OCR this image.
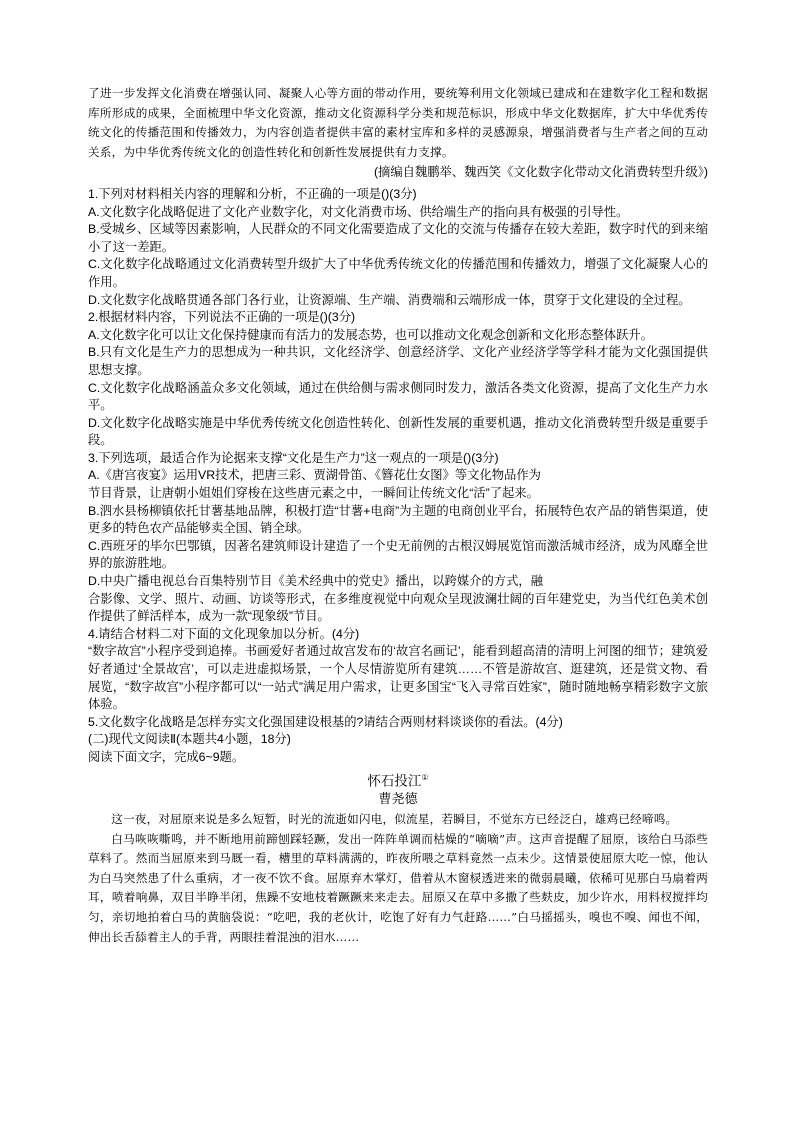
了进一步发挥文化消费在增强认同、凝聚人心等方面的带动作用，要统筹利用文化领域已建成和在建数字化工程和数据库所形成的成果，全面梳理中华文化资源，推动文化资源科学分类和规范标识，形成中华文化数据库，扩大中华优秀传统文化的传播范围和传播效力，为内容创造者提供丰富的素材宝库和多样的灵感源泉，增强消费者与生产者之间的互动关系，为中华优秀传统文化的创造性转化和创新性发展提供有力支撑。

(摘编自魏鹏举、魏西笑《文化数字化带动文化消费转型升级》)

1.下列对材料相关内容的理解和分析，不正确的一项是()(3分)

A.文化数字化战略促进了文化产业数字化，对文化消费市场、供给端生产的指向具有极强的引导性。

B.受城乡、区域等因素影响，人民群众的不同文化需要造成了文化的交流与传播存在较大差距，数字时代的到来缩小了这一差距。

C.文化数字化战略通过文化消费转型升级扩大了中华优秀传统文化的传播范围和传播效力，增强了文化凝聚人心的作用。

D.文化数字化战略贯通各部门各行业，让资源端、生产端、消费端和云端形成一体，贯穿于文化建设的全过程。

2.根据材料内容，下列说法不正确的一项是()(3分)

A.文化数字化可以让文化保持健康而有活力的发展态势，也可以推动文化观念创新和文化形态整体跃升。

B.只有文化是生产力的思想成为一种共识，文化经济学、创意经济学、文化产业经济学等学科才能为文化强国提供思想支撑。

C.文化数字化战略涵盖众多文化领域，通过在供给侧与需求侧同时发力，激活各类文化资源，提高了文化生产力水平。

D.文化数字化战略实施是中华优秀传统文化创造性转化、创新性发展的重要机遇，推动文化消费转型升级是重要手段。

3.下列选项，最适合作为论据来支撑“文化是生产力”这一观点的一项是()(3分)

A.《唐宫夜宴》运用VR技术，把唐三彩、贾湖骨笛、《簪花仕女图》等文化物品作为

节目背景，让唐朝小姐姐们穿梭在这些唐元素之中，一瞬间让传统文化“活”了起来。

B.泗水县杨柳镇依托甘薯基地品牌，积极打造“甘薯+电商”为主题的电商创业平台，拓展特色农产品的销售渠道，使更多的特色农产品能够卖全国、销全球。

C.西班牙的毕尔巴鄂镇，因著名建筑师设计建造了一个史无前例的古根汉姆展览馆而激活城市经济，成为风靡全世界的旅游胜地。

D.中央广播电视总台百集特别节目《美术经典中的党史》播出，以跨媒介的方式，融

合影像、文学、照片、动画、访谈等形式，在多维度视觉中向观众呈现波澜壮阔的百年建党史，为当代红色美术创作提供了鲜活样本，成为一款“现象级”节目。

4.请结合材料二对下面的文化现象加以分析。(4分)

“数字故宫”小程序受到追捧。书画爱好者通过故宫发布的‘故宫名画记’，能看到超高清的清明上河图的细节；建筑爱好者通过‘全景故宫’，可以走进虚拟场景，一个人尽情游览所有建筑……不管是游故宫、逛建筑，还是赏文物、看展览，“数字故宫”小程序都可以“一站式”满足用户需求，让更多国宝“飞入寻常百姓家”，随时随地畅享精彩数字文旅体验。

5.文化数字化战略是怎样夯实文化强国建设根基的?请结合两则材料谈谈你的看法。(4分)

(二)现代文阅读Ⅱ(本题共4小题，18分)

阅读下面文字，完成6~9题。

怀石投江①
曹尧德

这一夜，对屈原来说是多么短暂，时光的流逝如闪电，似流星，若瞬目，不觉东方已经泛白，雄鸡已经啼鸣。

白马咴咴嘶鸣，并不断地用前蹄刨踩轻蹶，发出一阵阵单调而枯燥的“嘀嘀”声。这声音提醒了屈原，该给白马添些草料了。然而当屈原来到马厩一看，槽里的草料满满的，昨夜所喂之草料竟然一点未少。这情景使屈原大吃一惊，他认为白马突然患了什么重病，才一夜不饮不食。屈原弃木掌灯，借着从木窗棂透进来的微弱晨曦，依稀可见那白马扇着两耳，喷着响鼻，双目半睁半闭，焦躁不安地枝着蹶蹶来来走去。屈原又在草中多撒了些麸皮，加少许水，用料杈搅拌均匀，亲切地拍着白马的黄脑袋说：“吃吧，我的老伙计，吃饱了好有力气赶路……”白马摇摇头，嗅也不嗅、闻也不闻，伸出长舌舔着主人的手背，两眼挂着混浊的泪水……
